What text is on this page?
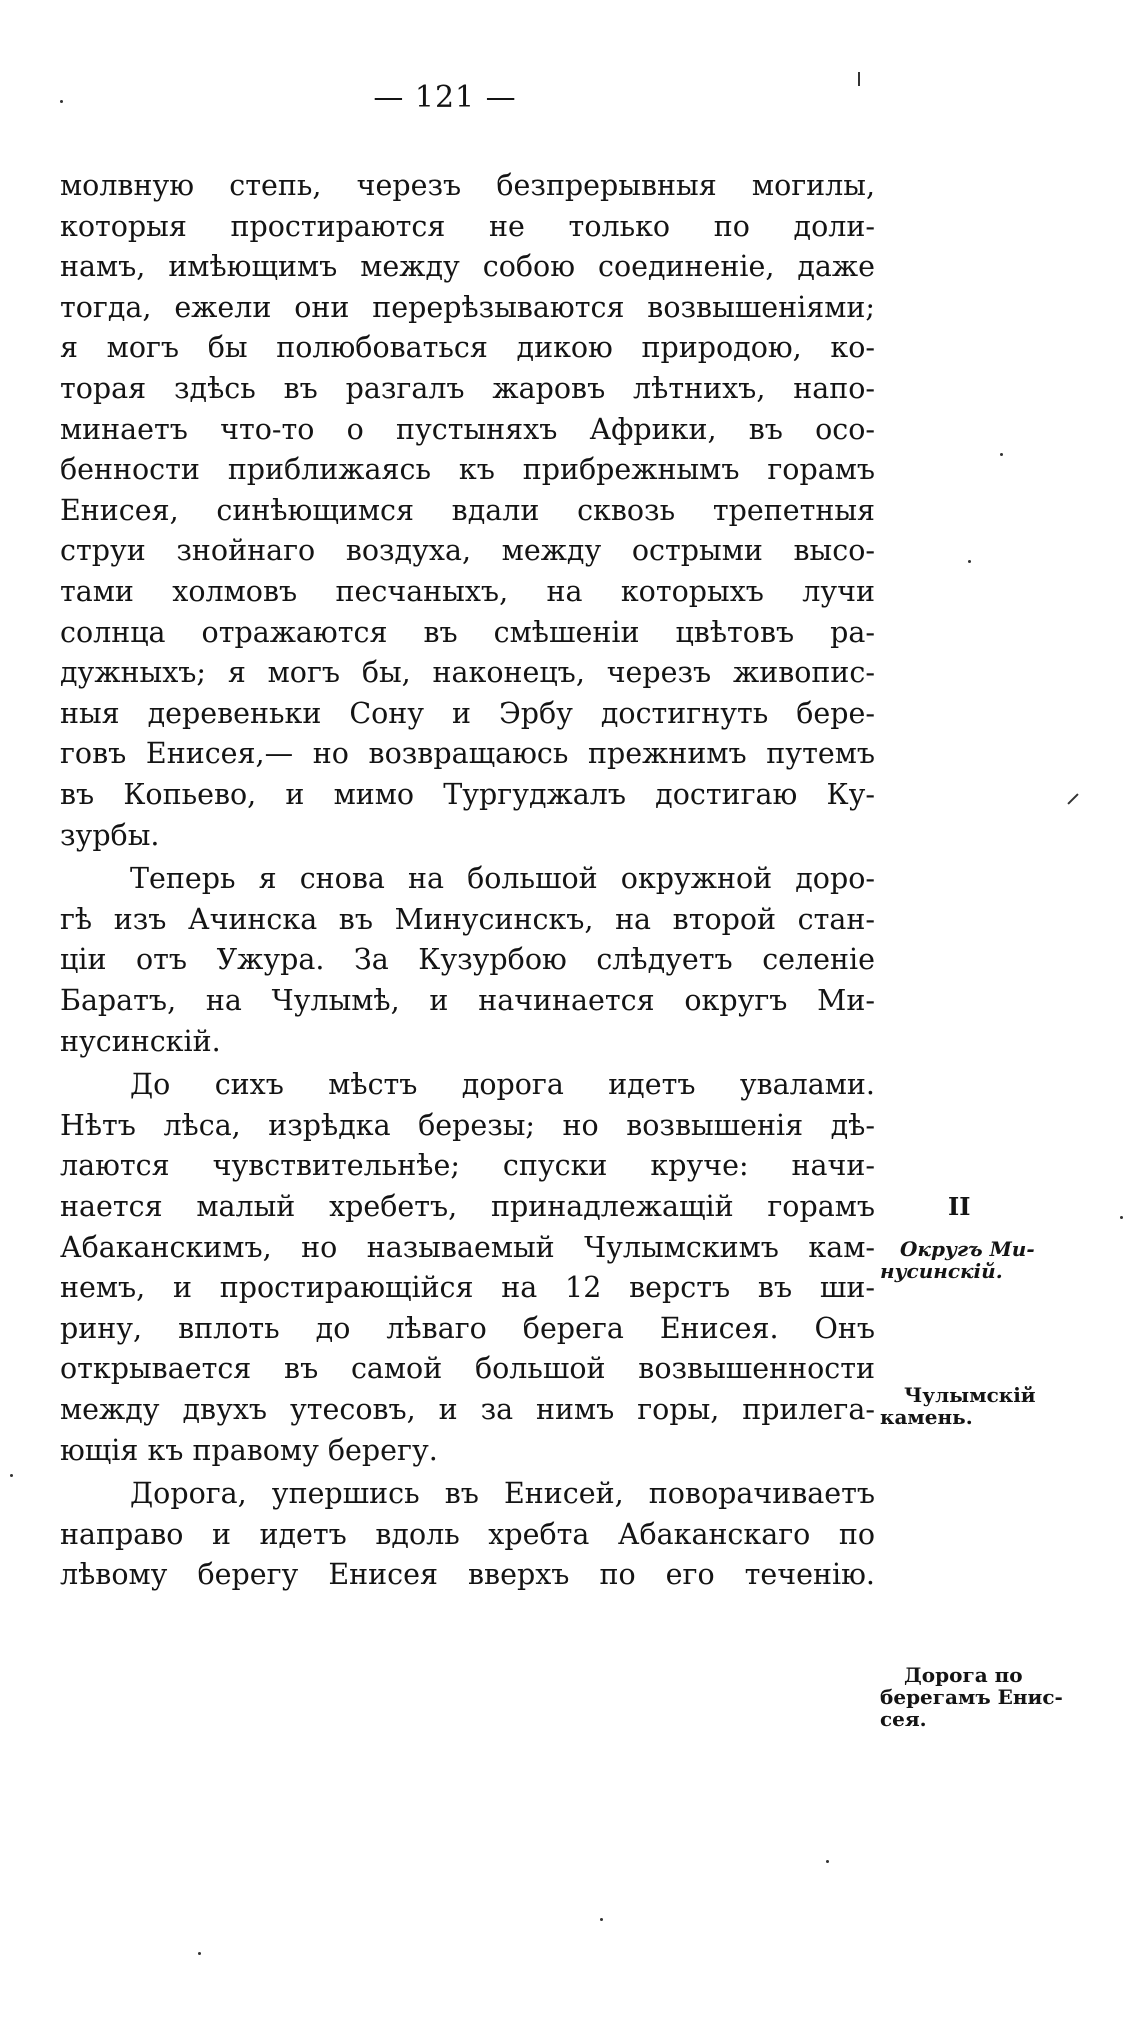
— 121 —
молвную степь, черезъ безпрерывныя могилы,
которыя простираются не только по доли-
намъ, имѣющимъ между собою соединеніе, даже
тогда, ежели они перерѣзываются возвышеніями;
я могъ бы полюбоваться дикою природою, ко-
торая здѣсь въ разгалъ жаровъ лѣтнихъ, напо-
минаетъ что-то о пустыняхъ Африки, въ осо-
бенности приближаясь къ прибрежнымъ горамъ
Енисея, синѣющимся вдали сквозь трепетныя
струи знойнаго воздуха, между острыми высо-
тами холмовъ песчаныхъ, на которыхъ лучи
солнца отражаются въ смѣшеніи цвѣтовъ ра-
дужныхъ; я могъ бы, наконецъ, черезъ живопис-
ныя деревеньки Сону и Эрбу достигнуть бере-
говъ Енисея,— но возвращаюсь прежнимъ путемъ
въ Копьево, и мимо Тургуджалъ достигаю Ку-
зурбы.
Теперь я снова на большой окружной доро-
гѣ изъ Ачинска въ Минусинскъ, на второй стан-
ціи отъ Ужура. За Кузурбою слѣдуетъ селеніе
Баратъ, на Чулымѣ, и начинается округъ Ми-
нусинскій.
До сихъ мѣстъ дорога идетъ увалами.
Нѣтъ лѣса, изрѣдка березы; но возвышенія дѣ-
лаются чувствительнѣе; спуски круче: начи-
нается малый хребетъ, принадлежащій горамъ
Абаканскимъ, но называемый Чулымскимъ кам-
немъ, и простирающійся на 12 верстъ въ ши-
рину, вплоть до лѣваго берега Енисея. Онъ
открывается въ самой большой возвышенности
между двухъ утесовъ, и за нимъ горы, прилега-
ющія къ правому берегу.
Дорога, упершись въ Енисей, поворачиваетъ
направо и идетъ вдоль хребта Абаканскаго по
лѣвому берегу Енисея вверхъ по его теченію.
II
Округъ Ми-
нусинскій.
Чулымскій
камень.
Дорога по
берегамъ Енис-
сея.
